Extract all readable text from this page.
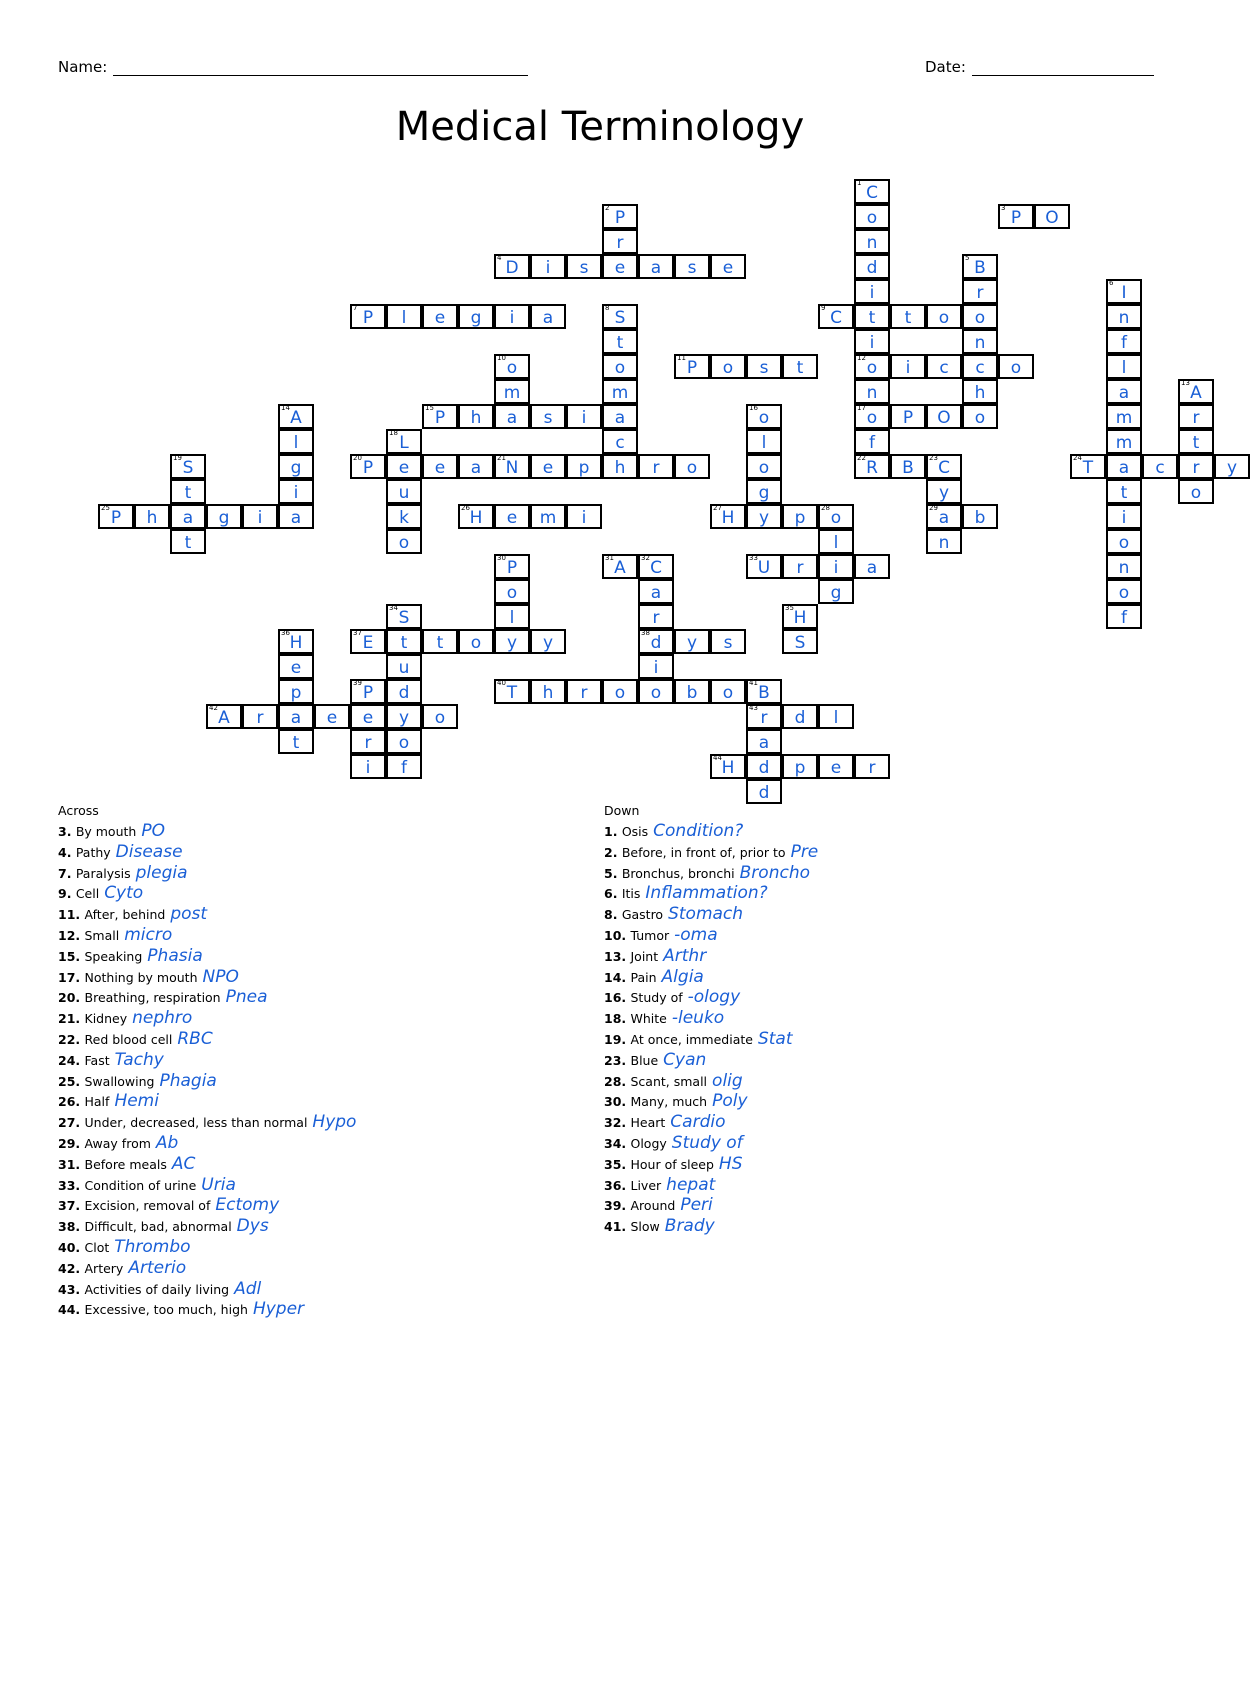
Name:	Date:
Medical Terminology
1 C
o
n
d
i
t
i
12 o
n
17 o
f
2 P
r
e
3 P	O
4 D	i	s	a	s	e	5 B
r
o
n
c
h
o
6 I
n
f
l
a
m
m
a
t
i
o
n
o
f
7 P	l	e	g	i	a	8 S
t
o
m
a
c
h
9 C	t	o
10 o
m
a
11 P	o	s	t	i	c	o
13 A
r
t
r
o
14 A
l
g
i
a
15 P	h	s	i	16 o
l
o
g
y
P	O
18 L
e
u
k
o
19 S
t
a
t
20 P	e	a	21 N	e	p	r	o	22 R	B	23 C
y
29 a
n
24 T	c	y
25 P	h	g	i	26 H	e	m	i	27 H	p	28 o
l
i
g
b
30 P
o
l
y
31 A	32 C
a
r
38 d
i
o
33 U	r	a
34 S
t
u
d
y
o
f
35 H
S
36 H
e
p
a
t
37 E	t	o	y	y	s
39 P
e
r
i
40 T	h	r	o	b	o	41 B
43 r
a
d
d
42 A	r	e	o	d	l
44 H	p	e	r
Across
3. By mouth PO
4. Pathy Disease
7. Paralysis plegia
9. Cell Cyto
11. After, behind post
12. Small micro
15. Speaking Phasia
17. Nothing by mouth NPO
20. Breathing, respiration Pnea
21. Kidney nephro
22. Red blood cell RBC
24. Fast Tachy
25. Swallowing Phagia
26. Half Hemi
27. Under, decreased, less than normal Hypo
29. Away from Ab
31. Before meals AC
33. Condition of urine Uria
37. Excision, removal of Ectomy
38. Difficult, bad, abnormal Dys
40. Clot Thrombo
42. Artery Arterio
43. Activities of daily living Adl
44. Excessive, too much, high Hyper
Down
1. Osis Condition?
2. Before, in front of, prior to Pre
5. Bronchus, bronchi Broncho
6. Itis Inflammation?
8. Gastro Stomach
10. Tumor -oma
13. Joint Arthr
14. Pain Algia
16. Study of -ology
18. White -leuko
19. At once, immediate Stat
23. Blue Cyan
28. Scant, small olig
30. Many, much Poly
32. Heart Cardio
34. Ology Study of
35. Hour of sleep HS
36. Liver hepat
39. Around Peri
41. Slow Brady
